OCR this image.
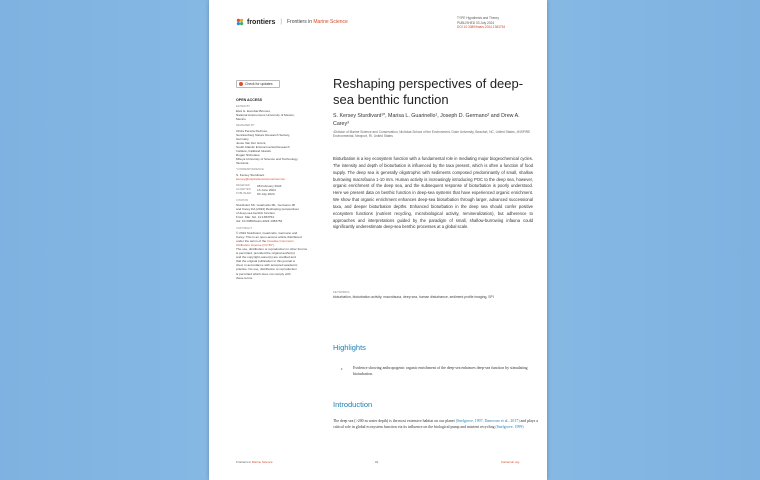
frontiers | Frontiers in Marine Science
TYPE Hypothesis and Theory
PUBLISHED 03 July 2024
DOI 10.3389/fmars.2024.1383754
Check for updates
OPEN ACCESS
EDITED BY
Elva G. Escobar-Briones,
National Autonomous University of Mexico,
Mexico
REVIEWED BY
Olívia Pereira Pedroso,
Senckenberg Nature Research Society,
Germany
Jesse Van Der Grient,
South Atlantic Environmental Research
Institute, Falkland Islands
Regan Nicholaus,
Mbeya University of Science and Technology,
Tanzania
*CORRESPONDENCE
S. Kersey Sturdivant
kersey@inspiredenvironmental.com
RECEIVED	08 February 2024
ACCEPTED	13 June 2024
PUBLISHED	03 July 2024
CITATION
Sturdivant SK, Guarinello ML, Germano JD
and Carey DA (2024) Reshaping perspectives
of deep-sea benthic function.
Front. Mar. Sci. 11:1383754.
doi: 10.3389/fmars.2024.1383754
COPYRIGHT
© 2024 Sturdivant, Guarinello, Germano and
Carey. This is an open-access article distributed
under the terms of the Creative Commons
Attribution License (CC BY).
The use, distribution or reproduction in other forums
is permitted, provided the original author(s)
and the copyright owner(s) are credited and
that the original publication in this journal is
cited, in accordance with accepted academic
practice. No use, distribution or reproduction
is permitted which does not comply with
these terms.
Reshaping perspectives of deep-sea benthic function
S. Kersey Sturdivant¹*, Marisa L. Guarinello¹, Joseph D. Germano² and Drew A. Carey³
¹Division of Marine Science and Conservation, Nicholas School of the Environment, Duke University, Beaufort, NC, United States, ²INSPIRE Environmental, Newport, RI, United States
Bioturbation is a key ecosystem function with a fundamental role in mediating major biogeochemical cycles. The intensity and depth of bioturbation is influenced by the taxa present, which is often a function of food supply. The deep sea is generally oligotrophic with sediments composed predominantly of small, shallow burrowing macrofauna 1-10 mm. Human activity is increasingly introducing POC to the deep sea, however, organic enrichment of the deep sea, and the subsequent response of bioturbation is poorly understood. Here we present data on benthic function in deep-sea systems that have experienced organic enrichment. We show that organic enrichment enhances deep-sea bioturbation through larger, advanced successional taxa, and deeper bioturbation depths. Enhanced bioturbation in the deep sea should confer positive ecosystem functions (nutrient recycling, microbiological activity, remineralization), but adherence to approaches and interpretations guided by the paradigm of small, shallow-burrowing infauna could significantly underestimate deep-sea benthic processes at a global scale.
KEYWORDS
bioturbation, bioturbation activity, macrofauna, deep sea, human disturbance, sediment profile imaging, SPI
Highlights
•	Evidence showing anthropogenic organic enrichment of the deep-sea enhances deep-sea function by stimulating bioturbation.
Introduction
The deep sea (>200 m water depth) is the most extensive habitat on our planet (Snelgrove, 1997; Danovaro et al., 2017) and plays a critical role in global ecosystem function via its influence on the biological pump and nutrient recycling (Snelgrove, 1999)
Frontiers in Marine Science	01	frontiersin.org
